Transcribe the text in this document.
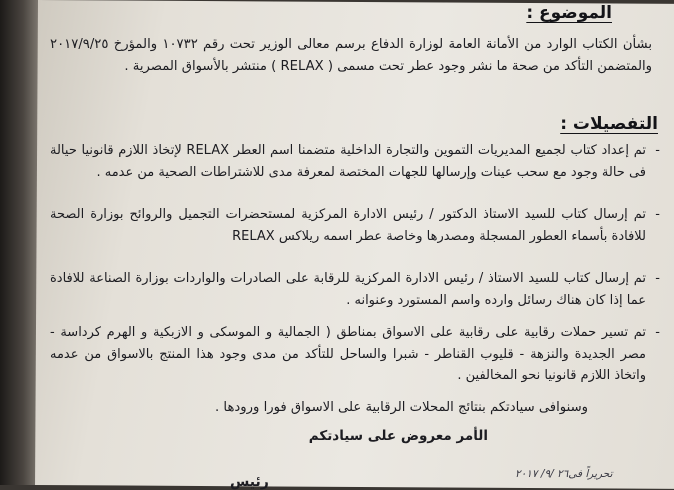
الموضوع :
بشأن الكتاب الوارد من الأمانة العامة لوزارة الدفاع برسم معالى الوزير تحت رقم ١٠٧٣٢ والمؤرخ ٢٠١٧/٩/٢٥ والمتضمن التأكد من صحة ما نشر وجود عطر تحت مسمى ( RELAX ) منتشر بالأسواق المصرية .
التفصيلات :
-
تم إعداد كتاب لجميع المديريات التموين والتجارة الداخلية متضمنا اسم العطر RELAX لإتخاذ اللازم قانونيا حيالة فى حالة وجود مع سحب عينات وإرسالها للجهات المختصة لمعرفة مدى للاشتراطات الصحية من عدمه .
-
تم إرسال كتاب للسيد الاستاذ الدكتور / رئيس الادارة المركزية لمستحضرات التجميل والروائح بوزارة الصحة للافادة بأسماء العطور المسجلة ومصدرها وخاصة عطر اسمه ريلاكس RELAX
-
تم إرسال كتاب للسيد الاستاذ / رئيس الادارة المركزية للرقابة على الصادرات والواردات بوزارة الصناعة للافادة عما إذا كان هناك رسائل وارده واسم المستورد وعنوانه .
-
تم تسير حملات رقابية على رقابية على الاسواق بمناطق ( الجمالية و الموسكى و الازبكية و الهرم كرداسة - مصر الجديدة والنزهة - قليوب القناطر - شبرا والساحل للتأكد من مدى وجود هذا المنتج بالاسواق من عدمه واتخاذ اللازم قانونيا نحو المخالفين .
وسنوافى سيادتكم بنتائج المحلات الرقابية على الاسواق فورا ورودها .
الأمر معروض على سيادتكم
رئيس	تحريراً فى٢٦ /٩/ ٢٠١٧
